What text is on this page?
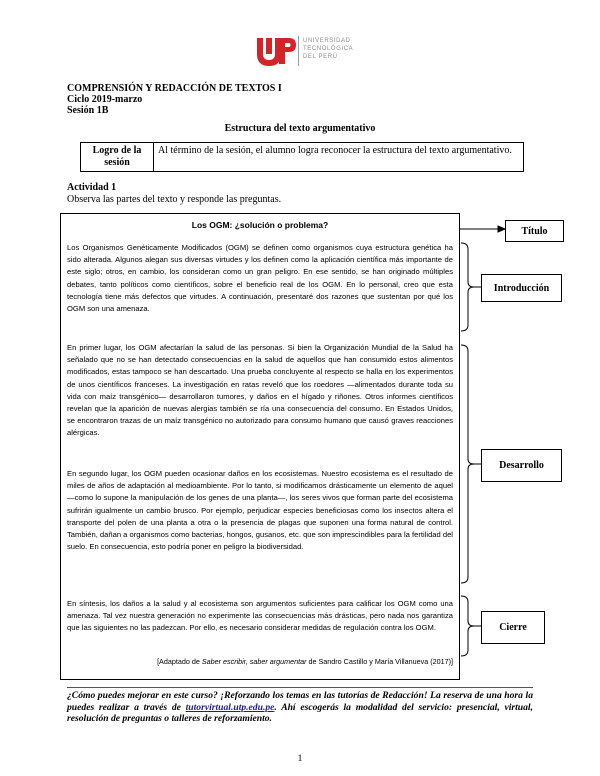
UNIVERSIDAD
TECNOLÓGICA
DEL PERÚ
COMPRENSIÓN Y REDACCIÓN DE TEXTOS I
Ciclo 2019-marzo
Sesión 1B
Estructura del texto argumentativo
Logro de la sesión
Al término de la sesión, el alumno logra reconocer la estructura del texto argumentativo.
Actividad 1
Observa las partes del texto y responde las preguntas.
Los OGM: ¿solución o problema?

Los Organismos Genéticamente Modificados (OGM) se definen como organismos cuya estructura genética ha sido alterada. Algunos alegan sus diversas virtudes y los definen como la aplicación científica más importante de este siglo; otros, en cambio, los consideran como un gran peligro. En ese sentido, se han originado múltiples debates, tanto políticos como científicos, sobre el beneficio real de los OGM. En lo personal, creo que esta tecnología tiene más defectos que virtudes. A continuación, presentaré dos razones que sustentan por qué los OGM son una amenaza.

En primer lugar, los OGM afectarían la salud de las personas. Si bien la Organización Mundial de la Salud ha señalado que no se han detectado consecuencias en la salud de aquellos que han consumido estos alimentos modificados, estas tampoco se han descartado. Una prueba concluyente al respecto se halla en los experimentos de unos científicos franceses. La investigación en ratas reveló que los roedores —alimentados durante toda su vida con maíz transgénico— desarrollaron tumores, y daños en el hígado y riñones. Otros informes científicos revelan que la aparición de nuevas alergias también se ría una consecuencia del consumo. En Estados Unidos, se encontraron trazas de un maíz transgénico no autorizado para consumo humano que causó graves reacciones alérgicas.

En segundo lugar, los OGM pueden ocasionar daños en los ecosistemas. Nuestro ecosistema es el resultado de miles de años de adaptación al medioambiente. Por lo tanto, si modificamos drásticamente un elemento de aquel —como lo supone la manipulación de los genes de una planta—, los seres vivos que forman parte del ecosistema sufrirán igualmente un cambio brusco. Por ejemplo, perjudicar especies beneficiosas como los insectos altera el transporte del polen de una planta a otra o la presencia de plagas que suponen una forma natural de control. También, dañan a organismos como bacterias, hongos, gusanos, etc. que son imprescindibles para la fertilidad del suelo. En consecuencia, esto podría poner en peligro la biodiversidad.

En síntesis, los daños a la salud y al ecosistema son argumentos suficientes para calificar los OGM como una amenaza. Tal vez nuestra generación no experimente las consecuencias más drásticas, pero nada nos garantiza que las siguientes no las padezcan. Por ello, es necesario considerar medidas de regulación contra los OGM.

[Adaptado de Saber escribir, saber argumentar de Sandro Castillo y María Villanueva (2017)]
Título
Introducción
Desarrollo
Cierre
¿Cómo puedes mejorar en este curso? ¡Reforzando los temas en las tutorías de Redacción! La reserva de una hora la puedes realizar a través de tutorvirtual.utp.edu.pe. Ahí escogerás la modalidad del servicio: presencial, virtual, resolución de preguntas o talleres de reforzamiento.
1
